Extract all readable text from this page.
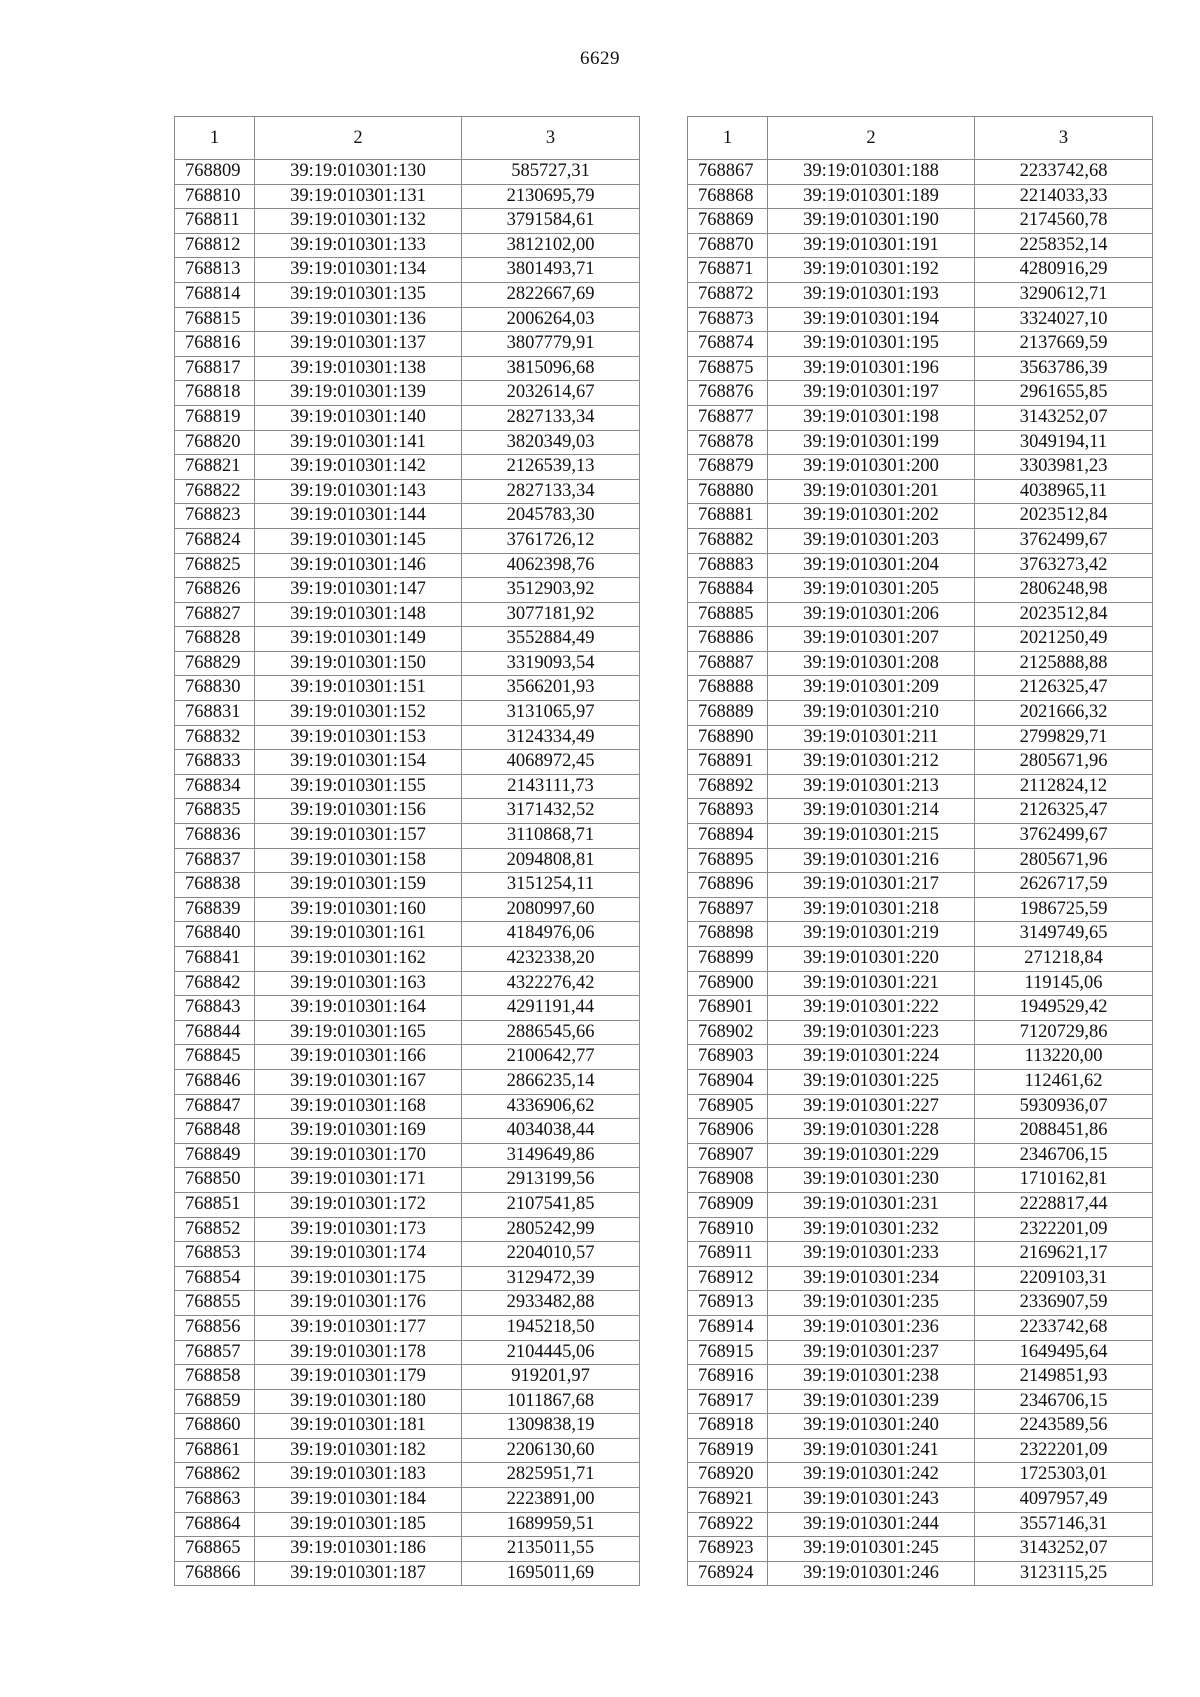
6629
1	2	3
768809	39:19:010301:130	585727,31
768810	39:19:010301:131	2130695,79
768811	39:19:010301:132	3791584,61
768812	39:19:010301:133	3812102,00
768813	39:19:010301:134	3801493,71
768814	39:19:010301:135	2822667,69
768815	39:19:010301:136	2006264,03
768816	39:19:010301:137	3807779,91
768817	39:19:010301:138	3815096,68
768818	39:19:010301:139	2032614,67
768819	39:19:010301:140	2827133,34
768820	39:19:010301:141	3820349,03
768821	39:19:010301:142	2126539,13
768822	39:19:010301:143	2827133,34
768823	39:19:010301:144	2045783,30
768824	39:19:010301:145	3761726,12
768825	39:19:010301:146	4062398,76
768826	39:19:010301:147	3512903,92
768827	39:19:010301:148	3077181,92
768828	39:19:010301:149	3552884,49
768829	39:19:010301:150	3319093,54
768830	39:19:010301:151	3566201,93
768831	39:19:010301:152	3131065,97
768832	39:19:010301:153	3124334,49
768833	39:19:010301:154	4068972,45
768834	39:19:010301:155	2143111,73
768835	39:19:010301:156	3171432,52
768836	39:19:010301:157	3110868,71
768837	39:19:010301:158	2094808,81
768838	39:19:010301:159	3151254,11
768839	39:19:010301:160	2080997,60
768840	39:19:010301:161	4184976,06
768841	39:19:010301:162	4232338,20
768842	39:19:010301:163	4322276,42
768843	39:19:010301:164	4291191,44
768844	39:19:010301:165	2886545,66
768845	39:19:010301:166	2100642,77
768846	39:19:010301:167	2866235,14
768847	39:19:010301:168	4336906,62
768848	39:19:010301:169	4034038,44
768849	39:19:010301:170	3149649,86
768850	39:19:010301:171	2913199,56
768851	39:19:010301:172	2107541,85
768852	39:19:010301:173	2805242,99
768853	39:19:010301:174	2204010,57
768854	39:19:010301:175	3129472,39
768855	39:19:010301:176	2933482,88
768856	39:19:010301:177	1945218,50
768857	39:19:010301:178	2104445,06
768858	39:19:010301:179	919201,97
768859	39:19:010301:180	1011867,68
768860	39:19:010301:181	1309838,19
768861	39:19:010301:182	2206130,60
768862	39:19:010301:183	2825951,71
768863	39:19:010301:184	2223891,00
768864	39:19:010301:185	1689959,51
768865	39:19:010301:186	2135011,55
768866	39:19:010301:187	1695011,69
1	2	3
768867	39:19:010301:188	2233742,68
768868	39:19:010301:189	2214033,33
768869	39:19:010301:190	2174560,78
768870	39:19:010301:191	2258352,14
768871	39:19:010301:192	4280916,29
768872	39:19:010301:193	3290612,71
768873	39:19:010301:194	3324027,10
768874	39:19:010301:195	2137669,59
768875	39:19:010301:196	3563786,39
768876	39:19:010301:197	2961655,85
768877	39:19:010301:198	3143252,07
768878	39:19:010301:199	3049194,11
768879	39:19:010301:200	3303981,23
768880	39:19:010301:201	4038965,11
768881	39:19:010301:202	2023512,84
768882	39:19:010301:203	3762499,67
768883	39:19:010301:204	3763273,42
768884	39:19:010301:205	2806248,98
768885	39:19:010301:206	2023512,84
768886	39:19:010301:207	2021250,49
768887	39:19:010301:208	2125888,88
768888	39:19:010301:209	2126325,47
768889	39:19:010301:210	2021666,32
768890	39:19:010301:211	2799829,71
768891	39:19:010301:212	2805671,96
768892	39:19:010301:213	2112824,12
768893	39:19:010301:214	2126325,47
768894	39:19:010301:215	3762499,67
768895	39:19:010301:216	2805671,96
768896	39:19:010301:217	2626717,59
768897	39:19:010301:218	1986725,59
768898	39:19:010301:219	3149749,65
768899	39:19:010301:220	271218,84
768900	39:19:010301:221	119145,06
768901	39:19:010301:222	1949529,42
768902	39:19:010301:223	7120729,86
768903	39:19:010301:224	113220,00
768904	39:19:010301:225	112461,62
768905	39:19:010301:227	5930936,07
768906	39:19:010301:228	2088451,86
768907	39:19:010301:229	2346706,15
768908	39:19:010301:230	1710162,81
768909	39:19:010301:231	2228817,44
768910	39:19:010301:232	2322201,09
768911	39:19:010301:233	2169621,17
768912	39:19:010301:234	2209103,31
768913	39:19:010301:235	2336907,59
768914	39:19:010301:236	2233742,68
768915	39:19:010301:237	1649495,64
768916	39:19:010301:238	2149851,93
768917	39:19:010301:239	2346706,15
768918	39:19:010301:240	2243589,56
768919	39:19:010301:241	2322201,09
768920	39:19:010301:242	1725303,01
768921	39:19:010301:243	4097957,49
768922	39:19:010301:244	3557146,31
768923	39:19:010301:245	3143252,07
768924	39:19:010301:246	3123115,25
